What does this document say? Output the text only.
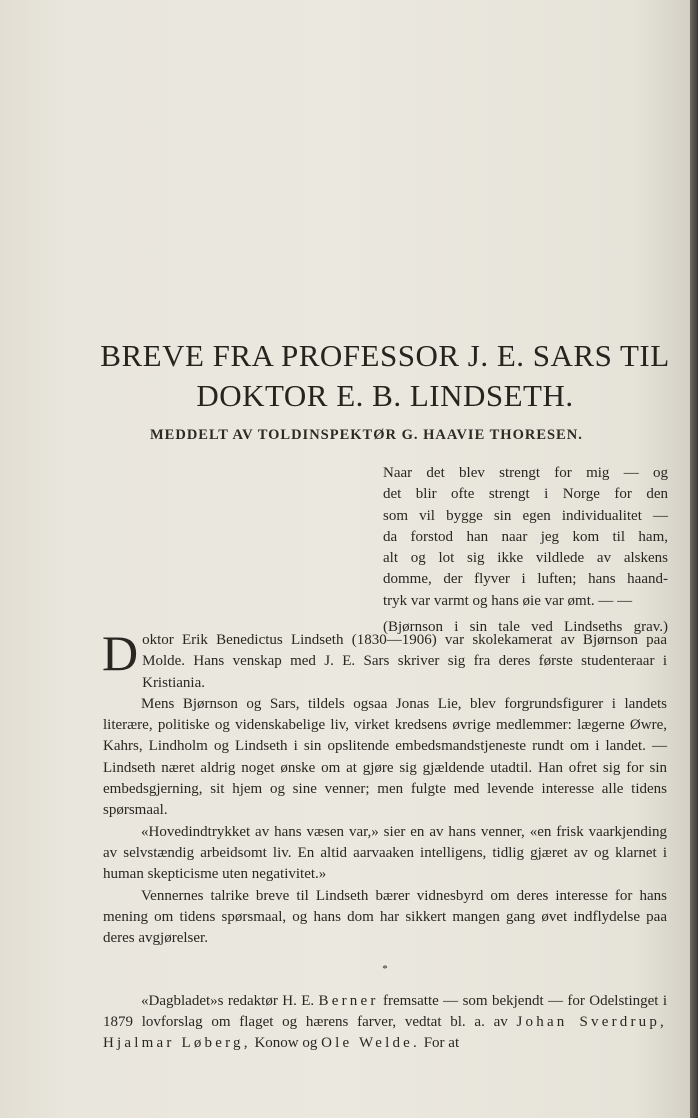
BREVE FRA PROFESSOR J. E. SARS TIL
DOKTOR E. B. LINDSETH.
MEDDELT AV TOLDINSPEKTØR G. HAAVIE THORESEN.
Naar det blev strengt for mig — og
det blir ofte strengt i Norge for den
som vil bygge sin egen individualitet —
da forstod han naar jeg kom til ham,
alt og lot sig ikke vildlede av alskens
domme, der flyver i luften; hans haand-
tryk var varmt og hans øie var ømt. — —
(Bjørnson i sin tale ved Lindseths grav.)

Doktor Erik Benedictus Lindseth (1830—1906) var skolekamerat av Bjørnson paa Molde. Hans venskap med J. E. Sars skriver sig fra deres første studenteraar i Kristiania.

Mens Bjørnson og Sars, tildels ogsaa Jonas Lie, blev forgrundsfigurer i landets literære, politiske og videnskabelige liv, virket kredsens øvrige medlemmer: lægerne Øwre, Kahrs, Lindholm og Lindseth i sin opslitende embedsmandstjeneste rundt om i landet. — Lindseth næret aldrig noget ønske om at gjøre sig gjældende utadtil. Han ofret sig for sin embedsgjerning, sit hjem og sine venner; men fulgte med levende interesse alle tidens spørsmaal.

«Hovedindtrykket av hans væsen var,» sier en av hans venner, «en frisk vaarkjending av selvstændig arbeidsomt liv. En altid aarvaaken intelligens, tidlig gjæret av og klarnet i human skepticisme uten negativitet.»

Vennernes talrike breve til Lindseth bærer vidnesbyrd om deres interesse for hans mening om tidens spørsmaal, og hans dom har sikkert mangen gang øvet indflydelse paa deres avgjørelser.

*

«Dagbladet»s redaktør H. E. Berner fremsatte — som bekjendt — for Odelstinget i 1879 lovforslag om flaget og hærens farver, vedtat bl. a. av Johan Sverdrup, Hjalmar Løberg, Konow og Ole Welde. For at
